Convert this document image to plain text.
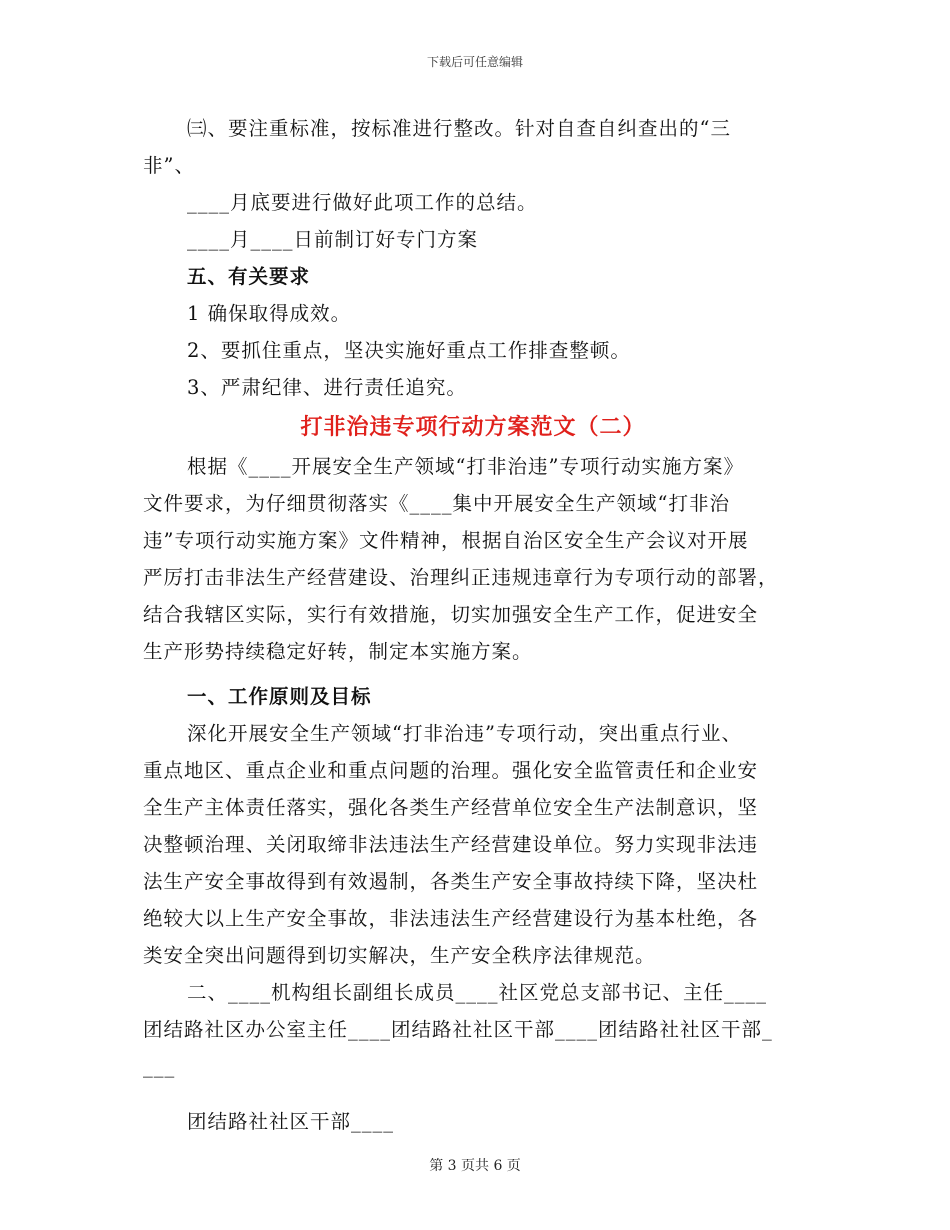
下载后可任意编辑
㈢、要注重标准，按标准进行整改。针对自查自纠查出的“三
非”、
____月底要进行做好此项工作的总结。
____月____日前制订好专门方案
五、有关要求
1 确保取得成效。
2、要抓住重点，坚决实施好重点工作排查整顿。
3、严肃纪律、进行责任追究。
打非治违专项行动方案范文（二）
根据《____开展安全生产领域“打非治违”专项行动实施方案》
文件要求，为仔细贯彻落实《____集中开展安全生产领域“打非治
违”专项行动实施方案》文件精神，根据自治区安全生产会议对开展
严厉打击非法生产经营建设、治理纠正违规违章行为专项行动的部署，
结合我辖区实际，实行有效措施，切实加强安全生产工作，促进安全
生产形势持续稳定好转，制定本实施方案。
一、工作原则及目标
深化开展安全生产领域“打非治违”专项行动，突出重点行业、
重点地区、重点企业和重点问题的治理。强化安全监管责任和企业安
全生产主体责任落实，强化各类生产经营单位安全生产法制意识，坚
决整顿治理、关闭取缔非法违法生产经营建设单位。努力实现非法违
法生产安全事故得到有效遏制，各类生产安全事故持续下降，坚决杜
绝较大以上生产安全事故，非法违法生产经营建设行为基本杜绝，各
类安全突出问题得到切实解决，生产安全秩序法律规范。
二、____机构组长副组长成员____社区党总支部书记、主任____
团结路社区办公室主任____团结路社社区干部____团结路社社区干部_
___
团结路社社区干部____
第 3 页共 6 页
